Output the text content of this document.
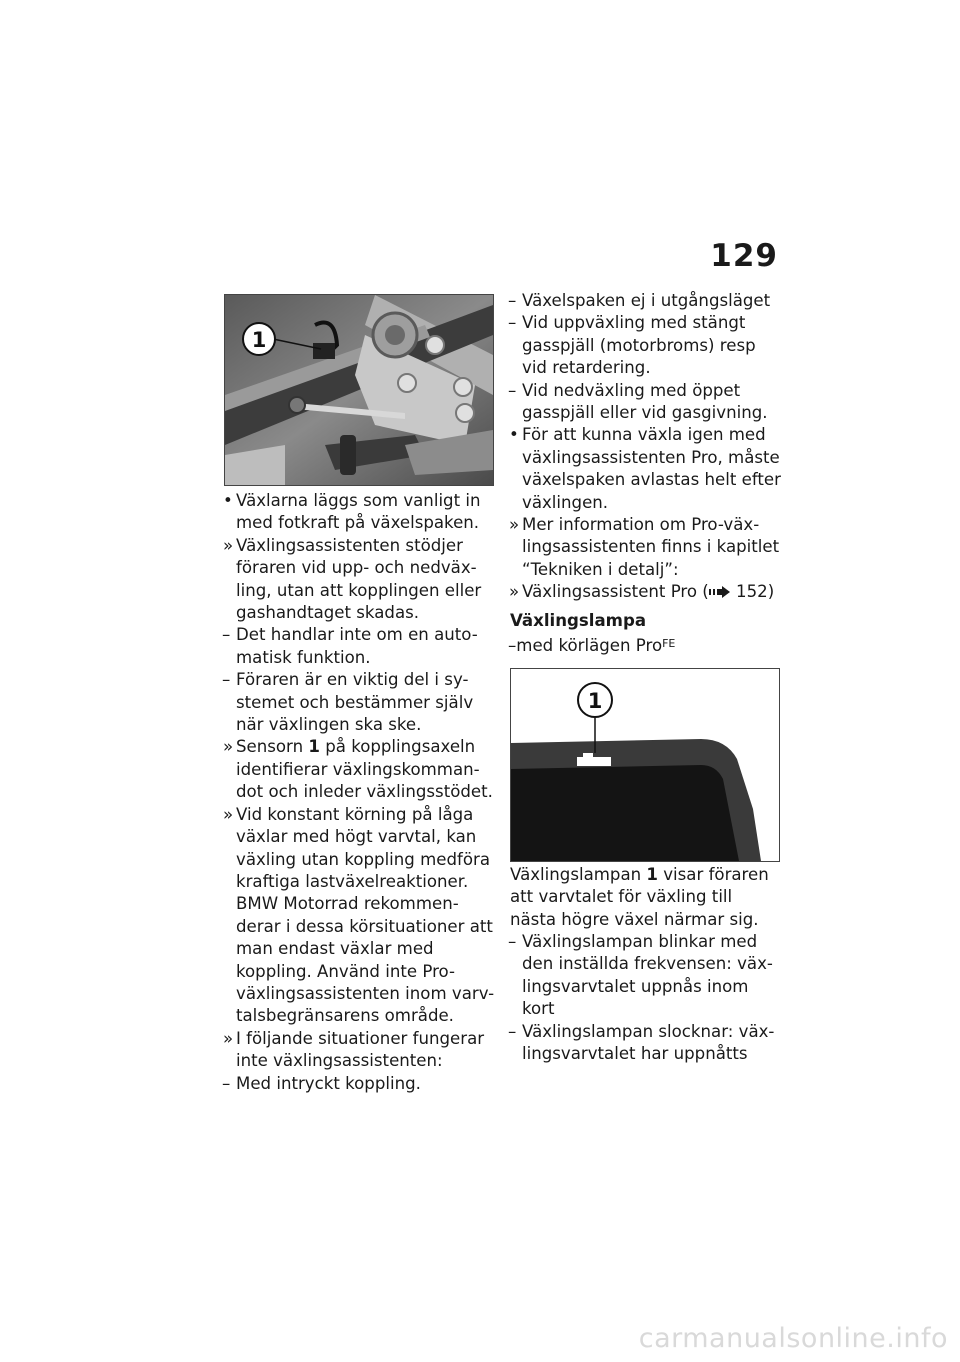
129
1
• Växlarna läggs som vanligt in med fotkraft på växelspaken.
» Växlingsassistenten stödjer föraren vid upp- och nedväx-ling, utan att kopplingen eller gashandtaget skadas.
– Det handlar inte om en auto-matisk funktion.
– Föraren är en viktig del i sy-stemet och bestämmer själv när växlingen ska ske.
» Sensorn 1 på kopplingsaxeln identifierar växlingskomman-dot och inleder växlingsstödet.
» Vid konstant körning på låga växlar med högt varvtal, kan växling utan koppling medföra kraftiga lastväxelreaktioner. BMW Motorrad rekommen-derar i dessa körsituationer att man endast växlar med koppling. Använd inte Pro-växlingsassistenten inom varv-talsbegränsarens område.
» I följande situationer fungerar inte växlingsassistenten:
– Med intryckt koppling.
– Växelspaken ej i utgångsläget
– Vid uppväxling med stängt gasspjäll (motorbroms) resp vid retardering.
– Vid nedväxling med öppet gasspjäll eller vid gasgivning.
• För att kunna växla igen med växlingsassistenten Pro, måste växelspaken avlastas helt efter växlingen.
» Mer information om Pro-väx-lingsassistenten finns i kapitlet “Tekniken i detalj”:
» Växlingsassistent Pro ( 152)
Växlingslampa
–med körlägen Pro$^{FE}$
1
Växlingslampan 1 visar föraren att varvtalet för växling till nästa högre växel närmar sig.
– Växlingslampan blinkar med den inställda frekvensen: väx-lingsvarvtalet uppnås inom kort
– Växlingslampan slocknar: väx-lingsvarvtalet har uppnåtts
carmanualsonline.info
